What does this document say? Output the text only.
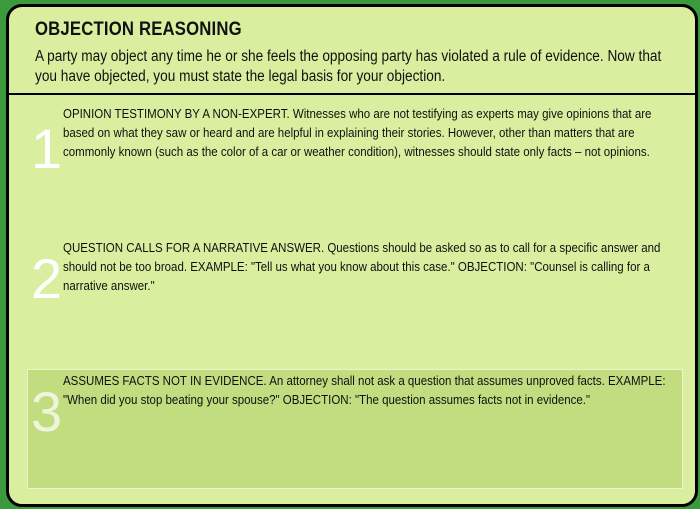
OBJECTION REASONING
A party may object any time he or she feels the opposing party has violated a rule of evidence. Now that you have objected, you must state the legal basis for your objection.
1
OPINION TESTIMONY BY A NON-EXPERT. Witnesses who are not testifying as experts may give opinions that are based on what they saw or heard and are helpful in explaining their stories. However, other than matters that are commonly known (such as the color of a car or weather condition), witnesses should state only facts – not opinions.
2 QUESTION CALLS FOR A NARRATIVE ANSWER. Questions should be asked so as to call for a specific answer and should not be too broad. EXAMPLE: "Tell us what you know about this case." OBJECTION: "Counsel is calling for a narrative answer."
3 ASSUMES FACTS NOT IN EVIDENCE. An attorney shall not ask a question that assumes unproved facts. EXAMPLE: "When did you stop beating your spouse?" OBJECTION: "The question assumes facts not in evidence."
